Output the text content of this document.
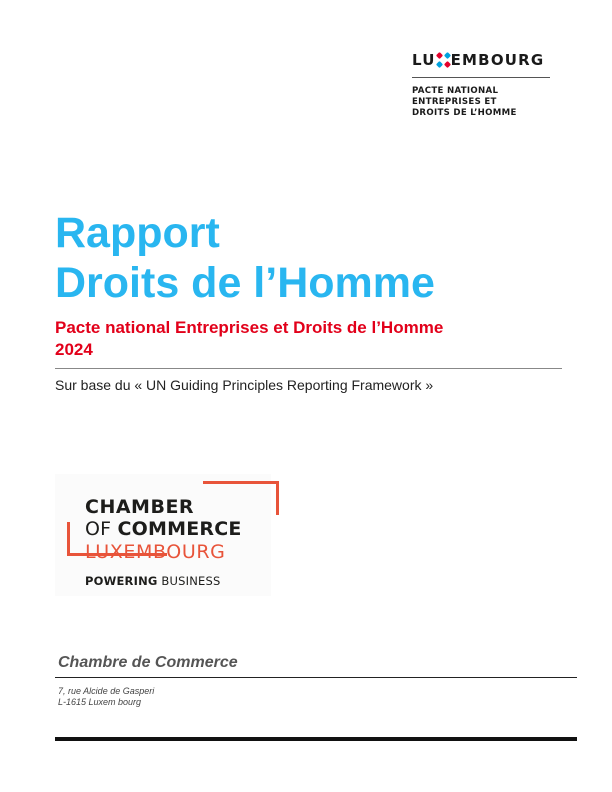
LU EMBOURG
PACTE NATIONAL
ENTREPRISES ET
DROITS DE L’HOMME
Rapport
Droits de l’Homme
Pacte national Entreprises et Droits de l’Homme
2024
Sur base du « UN Guiding Principles Reporting Framework »
CHAMBER
OF COMMERCE
LUXEMBOURG
POWERING BUSINESS
Chambre de Commerce
7, rue Alcide de Gasperi
L-1615 Luxem bourg
